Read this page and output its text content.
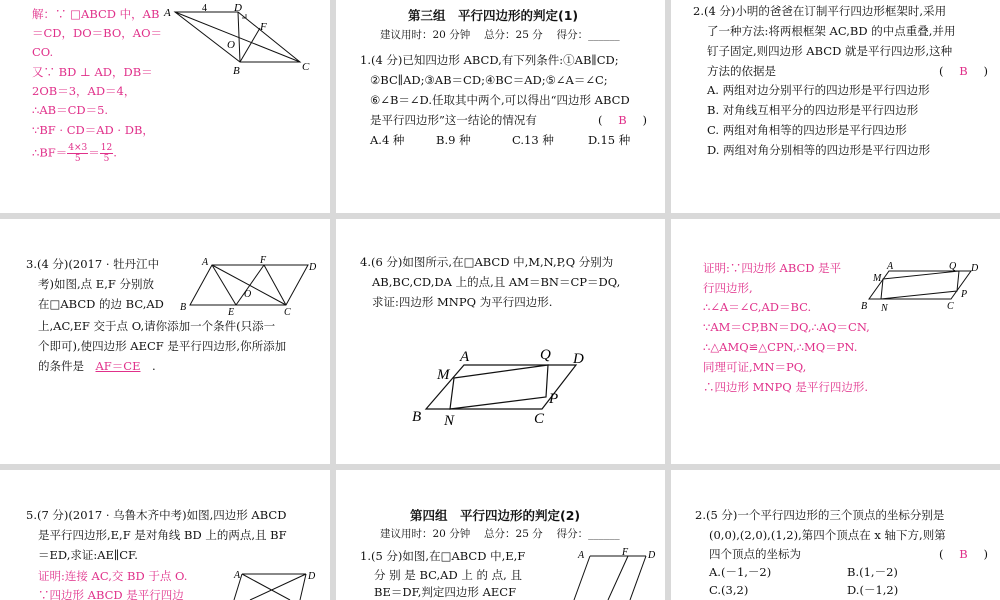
解：∵ □ABCD 中，AB
＝CD，DO＝BO，AO＝
CO.
又∵ BD ⊥ AD，DB＝
2OB＝3，AD＝4，
∴AB＝CD＝5.
∵BF · CD＝AD · DB，
∴BF＝ $\frac{4\times 3}{5} = \frac{12}{5}$ .
A	4 D
F
O
B	C
第三组　平行四边形的判定(1)
建议用时：20 分钟　 总分：25 分　 得分：______
1.(4 分)已知四边形 ABCD,有下列条件:①AB∥CD;
②BC∥AD;③AB＝CD;④BC＝AD;⑤∠A＝∠C;
⑥∠B＝∠D.任取其中两个,可以得出“四边形 ABCD
是平行四边形”这一结论的情况有	( B )
A.4 种	B.9 种	C.13 种	D.15 种
2.(4 分)小明的爸爸在订制平行四边形框架时,采用
了一种方法:将两根框架 AC,BD 的中点重叠,并用
钉子固定,则四边形 ABCD 就是平行四边形,这种
方法的依据是	( B )
A. 两组对边分别平行的四边形是平行四边形
B. 对角线互相平分的四边形是平行四边形
C. 两组对角相等的四边形是平行四边形
D. 两组对角分别相等的四边形是平行四边形
3.(4 分)(2017 · 牡丹江中
考)如图,点 E,F 分别放
在□ABCD 的边 BC,AD
上,AC,EF 交于点 O,请你添加一个条件(只添一
个即可),使四边形 AECF 是平行四边形,你所添加
的条件是 AF＝CE .
A	F
D
O
B	E	C
4.(6 分)如图所示,在□ABCD 中,M,N,P,Q 分别为
AB,BC,CD,DA 上的点,且 AM＝BN＝CP＝DQ,
求证:四边形 MNPQ 为平行四边形.
A	Q D
M
P
B N	C
证明:∵四边形 ABCD 是平
行四边形,
∴∠A＝∠C,AD＝BC.
∵AM＝CP,BN＝DQ,∴AQ＝CN,
∴△AMQ≌△CPN,∴MQ＝PN.
同理可证,MN＝PQ,
∴四边形 MNPQ 是平行四边形.
A	Q D
M
P
B N	C
5.(7 分)(2017 · 乌鲁木齐中考)如图,四边形 ABCD
是平行四边形,E,F 是对角线 BD 上的两点,且 BF
＝ED,求证:AE∥CF.
证明:连接 AC,交 BD 于点 O.
∵四边形 ABCD 是平行四边
A	D
第四组　平行四边形的判定(2)
建议用时：20 分钟　 总分：25 分　 得分：______
1.(5 分)如图,在□ABCD 中,E,F
分 别 是 BC,AD 上 的 点, 且
BE＝DF,判定四边形 AECF
A	F D
2.(5 分)一个平行四边形的三个顶点的坐标分别是
(0,0),(2,0),(1,2),第四个顶点在 x 轴下方,则第
四个顶点的坐标为	( B )
A.(－1,－2)	B.(1,－2)
C.(3,2)	D.(－1,2)
